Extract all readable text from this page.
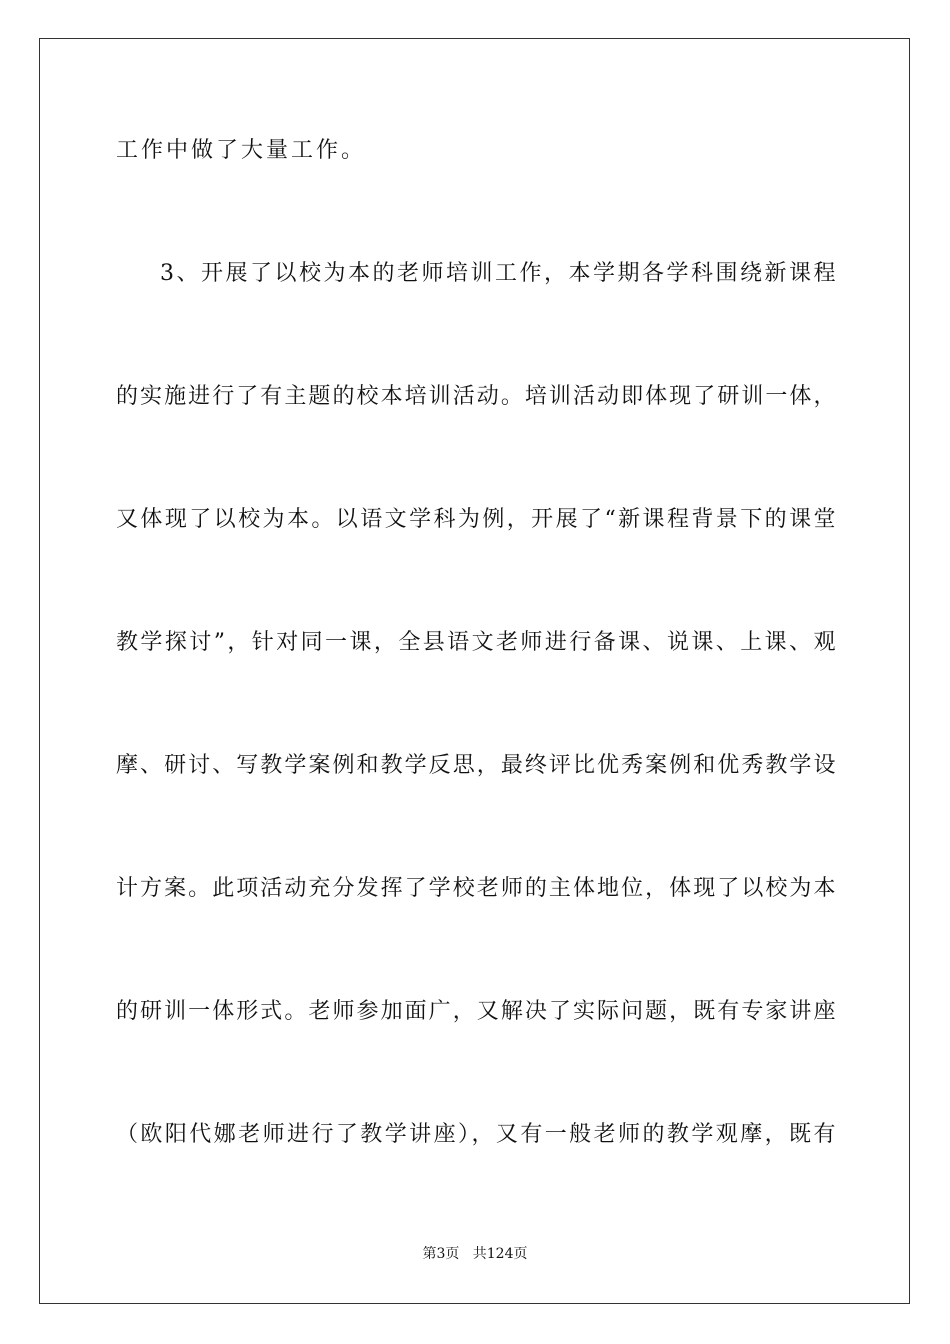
工作中做了大量工作。
3、开展了以校为本的老师培训工作，本学期各学科围绕新课程
的实施进行了有主题的校本培训活动。培训活动即体现了研训一体，
又体现了以校为本。以语文学科为例，开展了“新课程背景下的课堂
教学探讨”，针对同一课，全县语文老师进行备课、说课、上课、观
摩、研讨、写教学案例和教学反思，最终评比优秀案例和优秀教学设
计方案。此项活动充分发挥了学校老师的主体地位，体现了以校为本
的研训一体形式。老师参加面广，又解决了实际问题，既有专家讲座
（欧阳代娜老师进行了教学讲座），又有一般老师的教学观摩，既有
第3页 共124页
